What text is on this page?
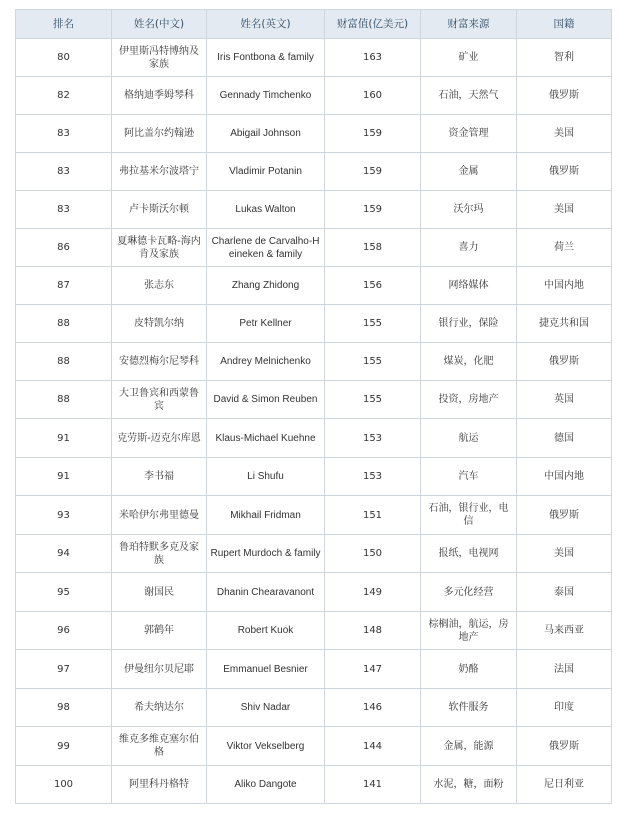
排名	姓名(中文)	姓名(英文)	财富值(亿美元)	财富来源	国籍
80	伊里斯冯特博纳及家族	Iris Fontbona & family	163	矿业	智利
82	格纳迪季姆琴科	Gennady Timchenko	160	石油，天然气	俄罗斯
83	阿比盖尔约翰逊	Abigail Johnson	159	资金管理	美国
83	弗拉基米尔波塔宁	Vladimir Potanin	159	金属	俄罗斯
83	卢卡斯沃尔顿	Lukas Walton	159	沃尔玛	美国
86	夏琳德卡瓦略-海内肯及家族	Charlene de Carvalho-Heineken & family	158	喜力	荷兰
87	张志东	Zhang Zhidong	156	网络媒体	中国内地
88	皮特凯尔纳	Petr Kellner	155	银行业，保险	捷克共和国
88	安德烈梅尔尼琴科	Andrey Melnichenko	155	煤炭，化肥	俄罗斯
88	大卫鲁宾和西蒙鲁宾	David & Simon Reuben	155	投资，房地产	英国
91	克劳斯-迈克尔库恩	Klaus-Michael Kuehne	153	航运	德国
91	李书福	Li Shufu	153	汽车	中国内地
93	米哈伊尔弗里德曼	Mikhail Fridman	151	石油，银行业，电信	俄罗斯
94	鲁珀特默多克及家族	Rupert Murdoch & family	150	报纸，电视网	美国
95	谢国民	Dhanin Chearavanont	149	多元化经营	泰国
96	郭鹤年	Robert Kuok	148	棕榈油，航运，房地产	马来西亚
97	伊曼纽尔贝尼耶	Emmanuel Besnier	147	奶酪	法国
98	希夫纳达尔	Shiv Nadar	146	软件服务	印度
99	维克多维克塞尔伯格	Viktor Vekselberg	144	金属，能源	俄罗斯
100	阿里科丹格特	Aliko Dangote	141	水泥，糖，面粉	尼日利亚
